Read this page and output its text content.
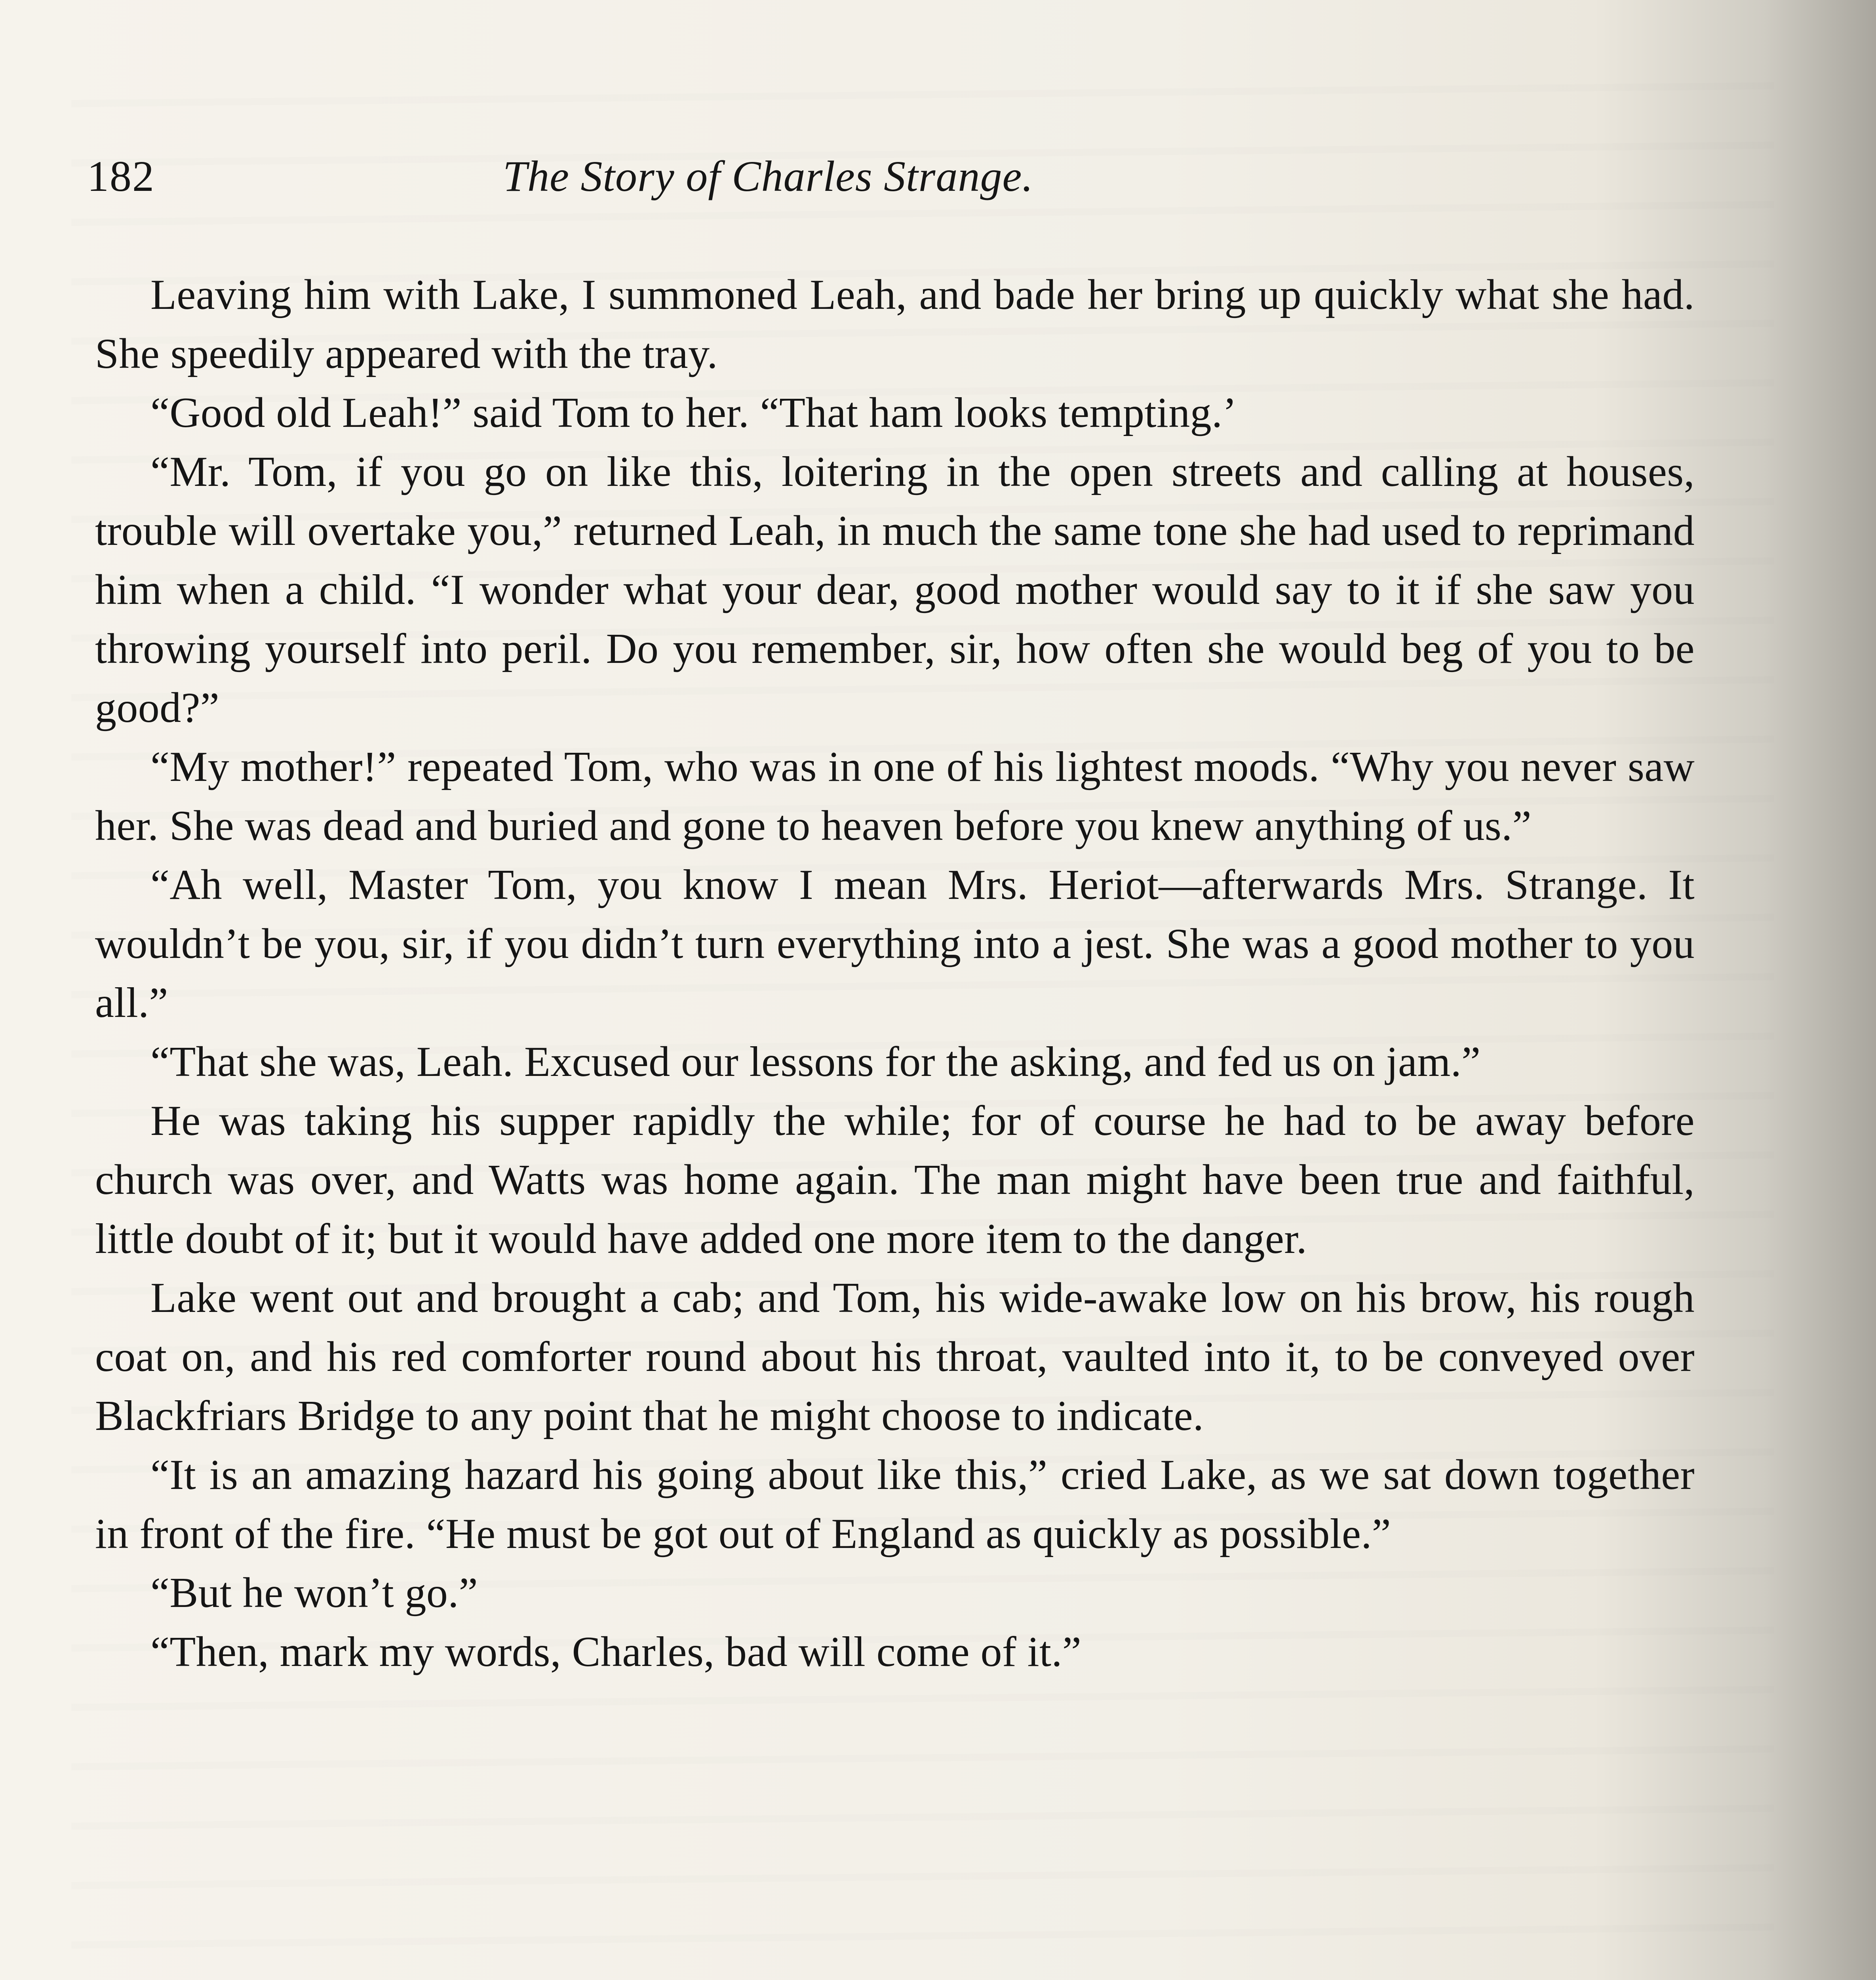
182	The Story of Charles Strange.

Leaving him with Lake, I summoned Leah, and bade her bring up quickly what she had. She speedily appeared with the tray.

“Good old Leah!” said Tom to her. “That ham looks tempting.’

“Mr. Tom, if you go on like this, loitering in the open streets and calling at houses, trouble will overtake you,” returned Leah, in much the same tone she had used to reprimand him when a child. “I wonder what your dear, good mother would say to it if she saw you throwing yourself into peril. Do you remember, sir, how often she would beg of you to be good?”

“My mother!” repeated Tom, who was in one of his lightest moods. “Why you never saw her. She was dead and buried and gone to heaven before you knew anything of us.”

“Ah well, Master Tom, you know I mean Mrs. Heriot—afterwards Mrs. Strange. It wouldn’t be you, sir, if you didn’t turn everything into a jest. She was a good mother to you all.”

“That she was, Leah. Excused our lessons for the asking, and fed us on jam.”

He was taking his supper rapidly the while; for of course he had to be away before church was over, and Watts was home again. The man might have been true and faithful, little doubt of it; but it would have added one more item to the danger.

Lake went out and brought a cab; and Tom, his wide-awake low on his brow, his rough coat on, and his red comforter round about his throat, vaulted into it, to be conveyed over Blackfriars Bridge to any point that he might choose to indicate.

“It is an amazing hazard his going about like this,” cried Lake, as we sat down together in front of the fire. “He must be got out of England as quickly as possible.”

“But he won’t go.”

“Then, mark my words, Charles, bad will come of it.”
